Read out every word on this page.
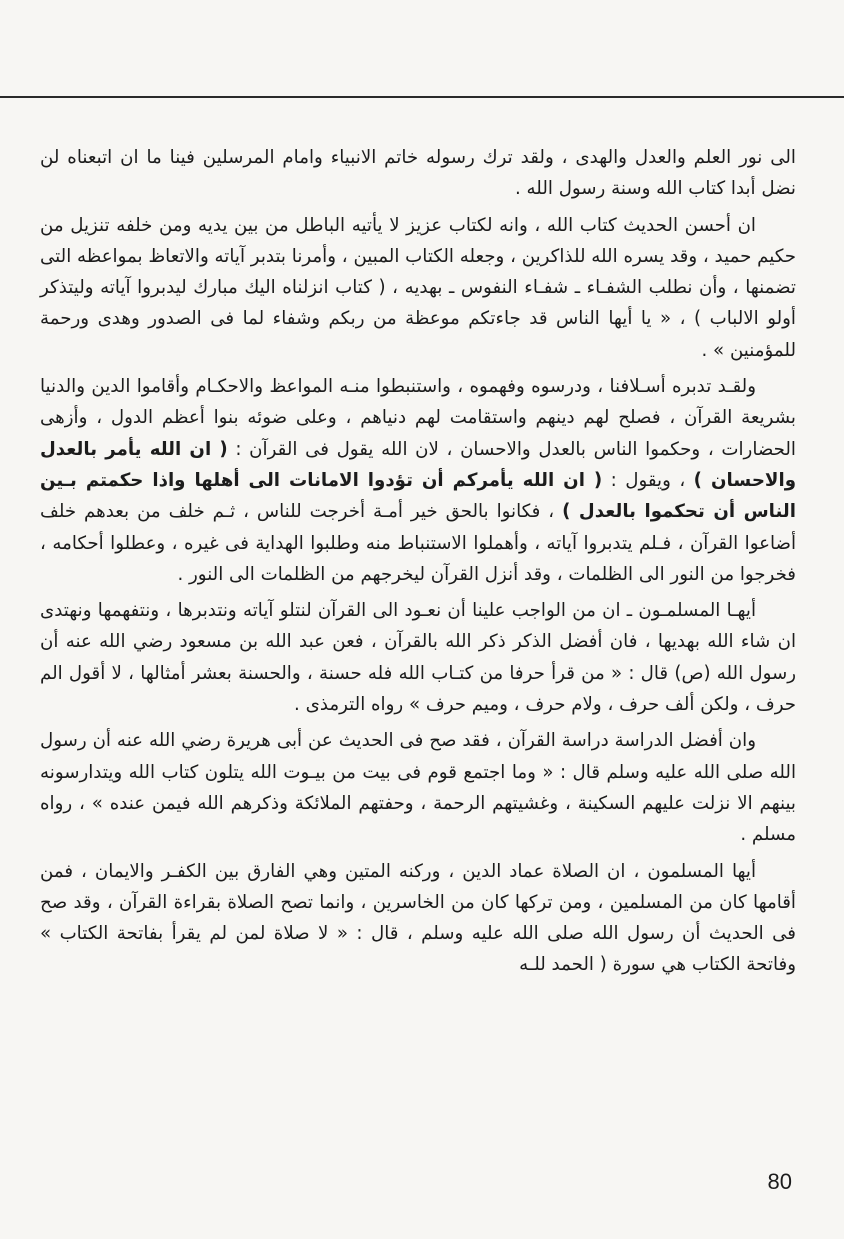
الى نور العلم والعدل والهدى ، ولقد ترك رسوله خاتم الانبياء وامام المرسلين فينا ما ان اتبعناه لن نضل أبدا كتاب الله وسنة رسول الله .

ان أحسن الحديث كتاب الله ، وانه لكتاب عزيز لا يأتيه الباطل من بين يديه ومن خلفه تنزيل من حكيم حميد ، وقد يسره الله للذاكرين ، وجعله الكتاب المبين ، وأمرنا بتدبر آياته والاتعاظ بمواعظه التى تضمنها ، وأن نطلب الشفـاء ـ شفـاء النفوس ـ بهديه ، ( كتاب انزلناه اليك مبارك ليدبروا آياته وليتذكر أولو الالباب ) ، « يا أيها الناس قد جاءتكم موعظة من ربكم وشفاء لما فى الصدور وهدى ورحمة للمؤمنين » .

ولقـد تدبره أسـلافنا ، ودرسوه وفهموه ، واستنبطوا منـه المواعظ والاحكـام وأقاموا الدين والدنيا بشريعة القرآن ، فصلح لهم دينهم واستقامت لهم دنياهم ، وعلى ضوئه بنوا أعظم الدول ، وأزهى الحضارات ، وحكموا الناس بالعدل والاحسان ، لان الله يقول فى القرآن : ( ان الله يأمر بالعدل والاحسان ) ، ويقول : ( ان الله يأمركم أن تؤدوا الامانات الى أهلها واذا حكمتم بـين الناس أن تحكموا بالعدل ) ، فكانوا بالحق خير أمـة أخرجت للناس ، ثـم خلف من بعدهم خلف أضاعوا القرآن ، فـلم يتدبروا آياته ، وأهملوا الاستنباط منه وطلبوا الهداية فى غيره ، وعطلوا أحكامه ، فخرجوا من النور الى الظلمات ، وقد أنزل القرآن ليخرجهم من الظلمات الى النور .

أيهـا المسلمـون ـ ان من الواجب علينا أن نعـود الى القرآن لنتلو آياته ونتدبرها ، ونتفهمها ونهتدى ان شاء الله بهديها ، فان أفضل الذكر ذكر الله بالقرآن ، فعن عبد الله بن مسعود رضي الله عنه أن رسول الله (ص) قال : « من قرأ حرفا من كتـاب الله فله حسنة ، والحسنة بعشر أمثالها ، لا أقول الم حرف ، ولكن ألف حرف ، ولام حرف ، وميم حرف » رواه الترمذى .

وان أفضل الدراسة دراسة القرآن ، فقد صح فى الحديث عن أبى هريرة رضي الله عنه أن رسول الله صلى الله عليه وسلم قال : « وما اجتمع قوم فى بيت من بيـوت الله يتلون كتاب الله ويتدارسونه بينهم الا نزلت عليهم السكينة ، وغشيتهم الرحمة ، وحفتهم الملائكة وذكرهم الله فيمن عنده » ، رواه مسلم .

أيها المسلمون ، ان الصلاة عماد الدين ، وركنه المتين وهي الفارق بين الكفـر والايمان ، فمن أقامها كان من المسلمين ، ومن تركها كان من الخاسرين ، وانما تصح الصلاة بقراءة القرآن ، وقد صح فى الحديث أن رسول الله صلى الله عليه وسلم ، قال : « لا صلاة لمن لم يقرأ بفاتحة الكتاب » وفاتحة الكتاب هي سورة ( الحمد للـه

80
